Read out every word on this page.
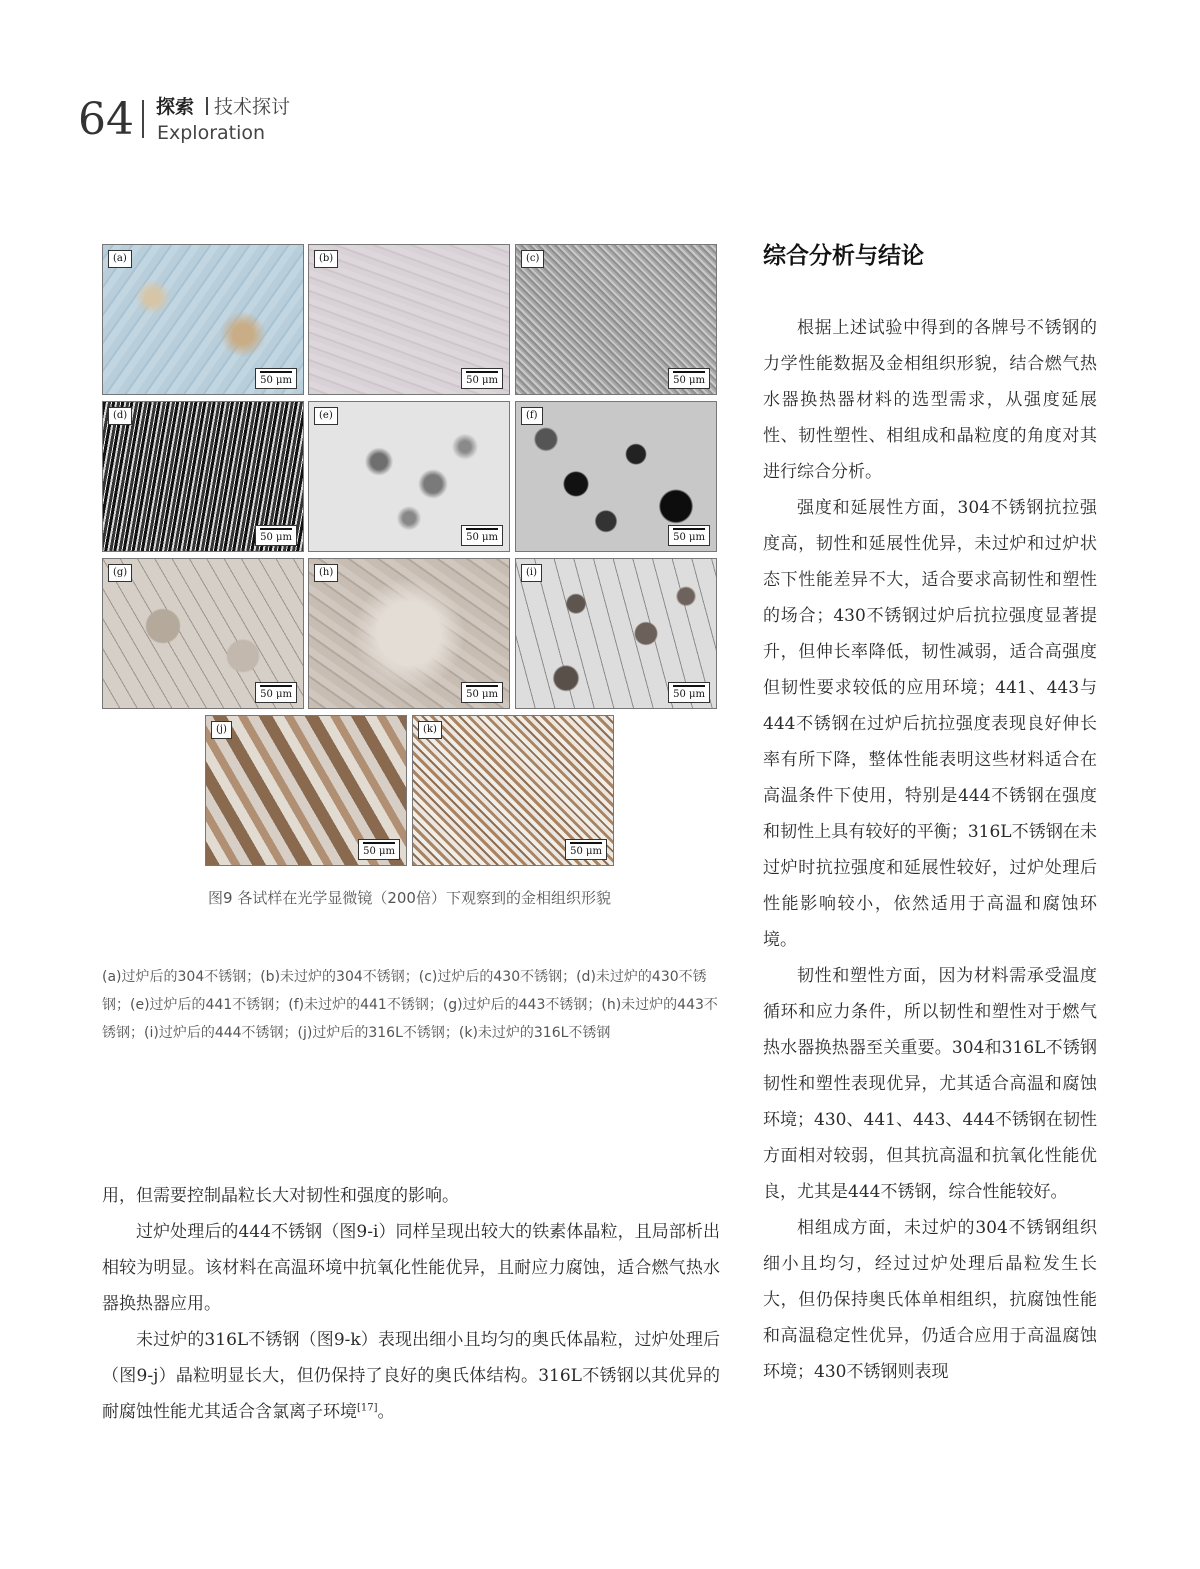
64 探索 技术探讨
Exploration
(a)
50 μm
(b)
50 μm
(c)
50 μm
(d)
50 μm
(e)
50 μm
(f)
50 μm
(g)
50 μm
(h)
50 μm
(i)
50 μm
(j)
50 μm
(k)
50 μm
图9 各试样在光学显微镜（200倍）下观察到的金相组织形貌
(a)过炉后的304不锈钢；(b)未过炉的304不锈钢；(c)过炉后的430不锈钢；(d)未过炉的430不锈钢；(e)过炉后的441不锈钢；(f)未过炉的441不锈钢；(g)过炉后的443不锈钢；(h)未过炉的443不锈钢；(i)过炉后的444不锈钢；(j)过炉后的316L不锈钢；(k)未过炉的316L不锈钢

用，但需要控制晶粒长大对韧性和强度的影响。

过炉处理后的444不锈钢（图9-i）同样呈现出较大的铁素体晶粒，且局部析出相较为明显。该材料在高温环境中抗氧化性能优异，且耐应力腐蚀，适合燃气热水器换热器应用。

未过炉的316L不锈钢（图9-k）表现出细小且均匀的奥氏体晶粒，过炉处理后（图9-j）晶粒明显长大，但仍保持了良好的奥氏体结构。316L不锈钢以其优异的耐腐蚀性能尤其适合含氯离子环境[17]。

综合分析与结论

根据上述试验中得到的各牌号不锈钢的力学性能数据及金相组织形貌，结合燃气热水器换热器材料的选型需求，从强度延展性、韧性塑性、相组成和晶粒度的角度对其进行综合分析。

强度和延展性方面，304不锈钢抗拉强度高，韧性和延展性优异，未过炉和过炉状态下性能差异不大，适合要求高韧性和塑性的场合；430不锈钢过炉后抗拉强度显著提升，但伸长率降低，韧性减弱，适合高强度但韧性要求较低的应用环境；441、443与444不锈钢在过炉后抗拉强度表现良好伸长率有所下降，整体性能表明这些材料适合在高温条件下使用，特别是444不锈钢在强度和韧性上具有较好的平衡；316L不锈钢在未过炉时抗拉强度和延展性较好，过炉处理后性能影响较小，依然适用于高温和腐蚀环境。

韧性和塑性方面，因为材料需承受温度循环和应力条件，所以韧性和塑性对于燃气热水器换热器至关重要。304和316L不锈钢韧性和塑性表现优异，尤其适合高温和腐蚀环境；430、441、443、444不锈钢在韧性方面相对较弱，但其抗高温和抗氧化性能优良，尤其是444不锈钢，综合性能较好。

相组成方面，未过炉的304不锈钢组织细小且均匀，经过过炉处理后晶粒发生长大，但仍保持奥氏体单相组织，抗腐蚀性能和高温稳定性优异，仍适合应用于高温腐蚀环境；430不锈钢则表现
